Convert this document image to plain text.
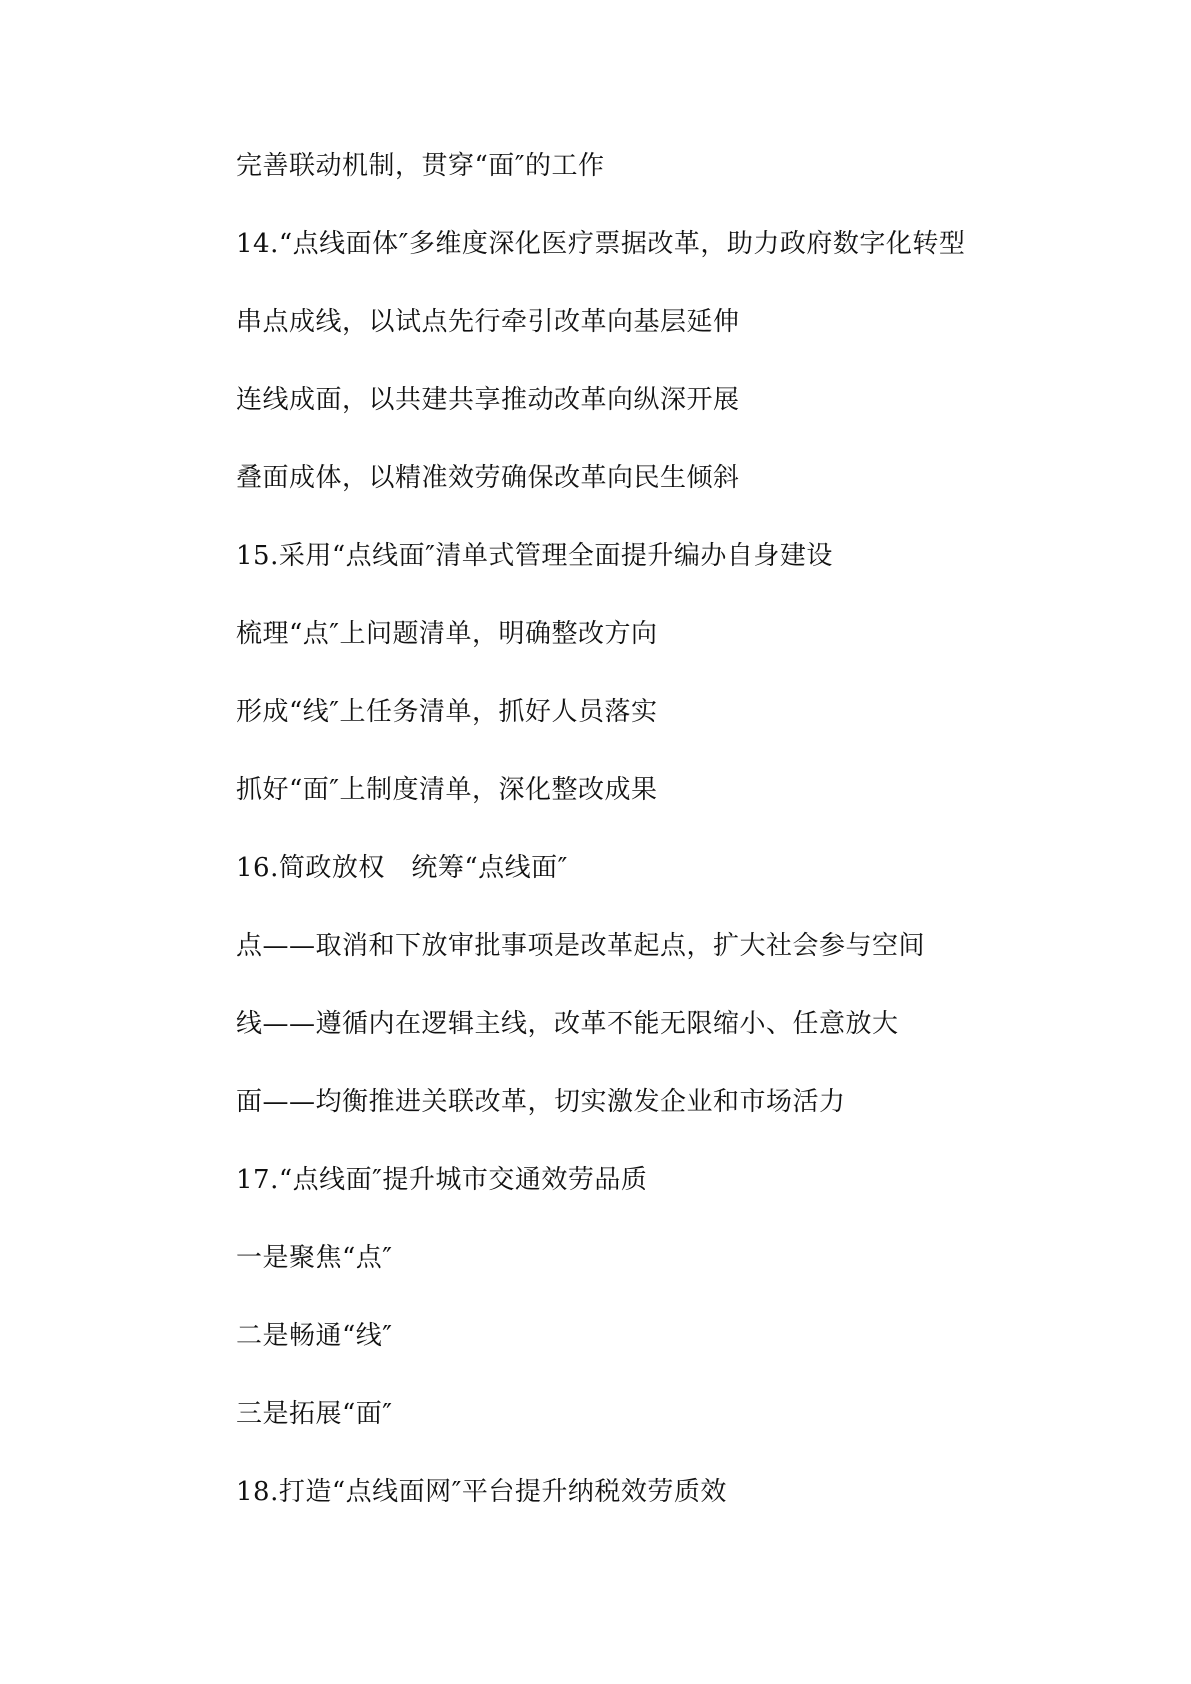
完善联动机制，贯穿“面″的工作
14.“点线面体″多维度深化医疗票据改革，助力政府数字化转型
串点成线，以试点先行牵引改革向基层延伸
连线成面，以共建共享推动改革向纵深开展
叠面成体，以精准效劳确保改革向民生倾斜
15.采用“点线面″清单式管理全面提升编办自身建设
梳理“点″上问题清单，明确整改方向
形成“线″上任务清单，抓好人员落实
抓好“面″上制度清单，深化整改成果
16.简政放权　统筹“点线面″
点——取消和下放审批事项是改革起点，扩大社会参与空间
线——遵循内在逻辑主线，改革不能无限缩小、任意放大
面——均衡推进关联改革，切实激发企业和市场活力
17.“点线面″提升城市交通效劳品质
一是聚焦“点″
二是畅通“线″
三是拓展“面″
18.打造“点线面网″平台提升纳税效劳质效
